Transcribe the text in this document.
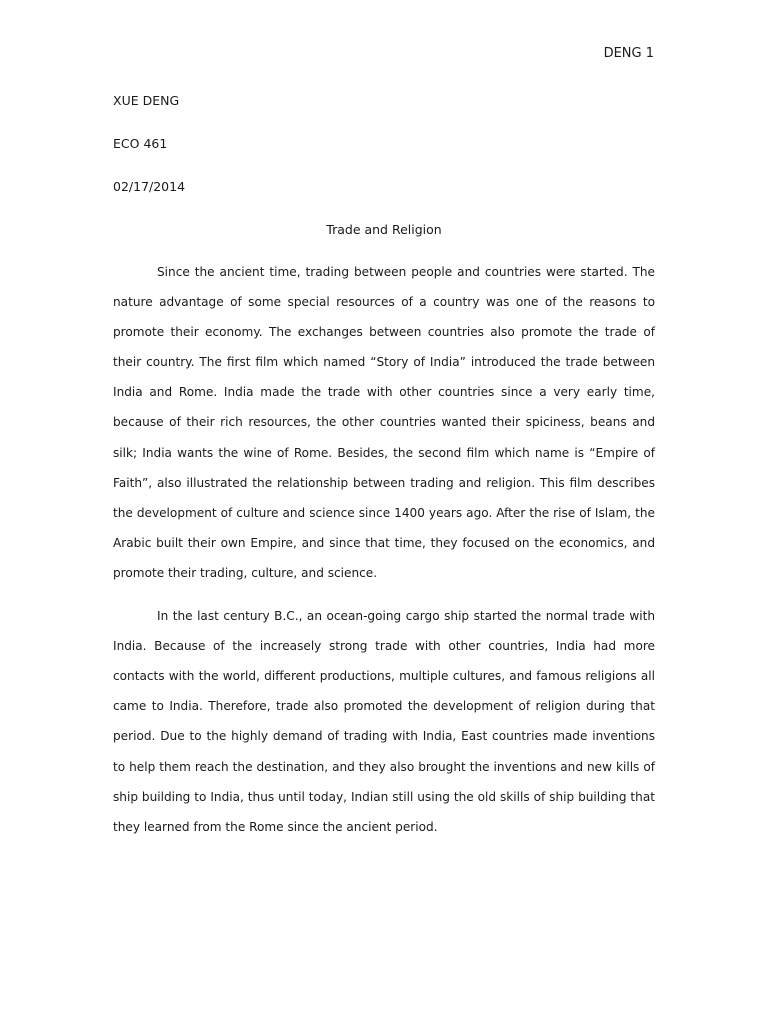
DENG 1
XUE DENG
ECO 461
02/17/2014
Trade and Religion

Since the ancient time, trading between people and countries were started. The nature advantage of some special resources of a country was one of the reasons to promote their economy. The exchanges between countries also promote the trade of their country. The first film which named “Story of India” introduced the trade between India and Rome. India made the trade with other countries since a very early time, because of their rich resources, the other countries wanted their spiciness, beans and silk; India wants the wine of Rome. Besides, the second film which name is “Empire of Faith”, also illustrated the relationship between trading and religion. This film describes the development of culture and science since 1400 years ago. After the rise of Islam, the Arabic built their own Empire, and since that time, they focused on the economics, and promote their trading, culture, and science.

In the last century B.C., an ocean-going cargo ship started the normal trade with India. Because of the increasely strong trade with other countries, India had more contacts with the world, different productions, multiple cultures, and famous religions all came to India. Therefore, trade also promoted the development of religion during that period. Due to the highly demand of trading with India, East countries made inventions to help them reach the destination, and they also brought the inventions and new kills of ship building to India, thus until today, Indian still using the old skills of ship building that they learned from the Rome since the ancient period.
